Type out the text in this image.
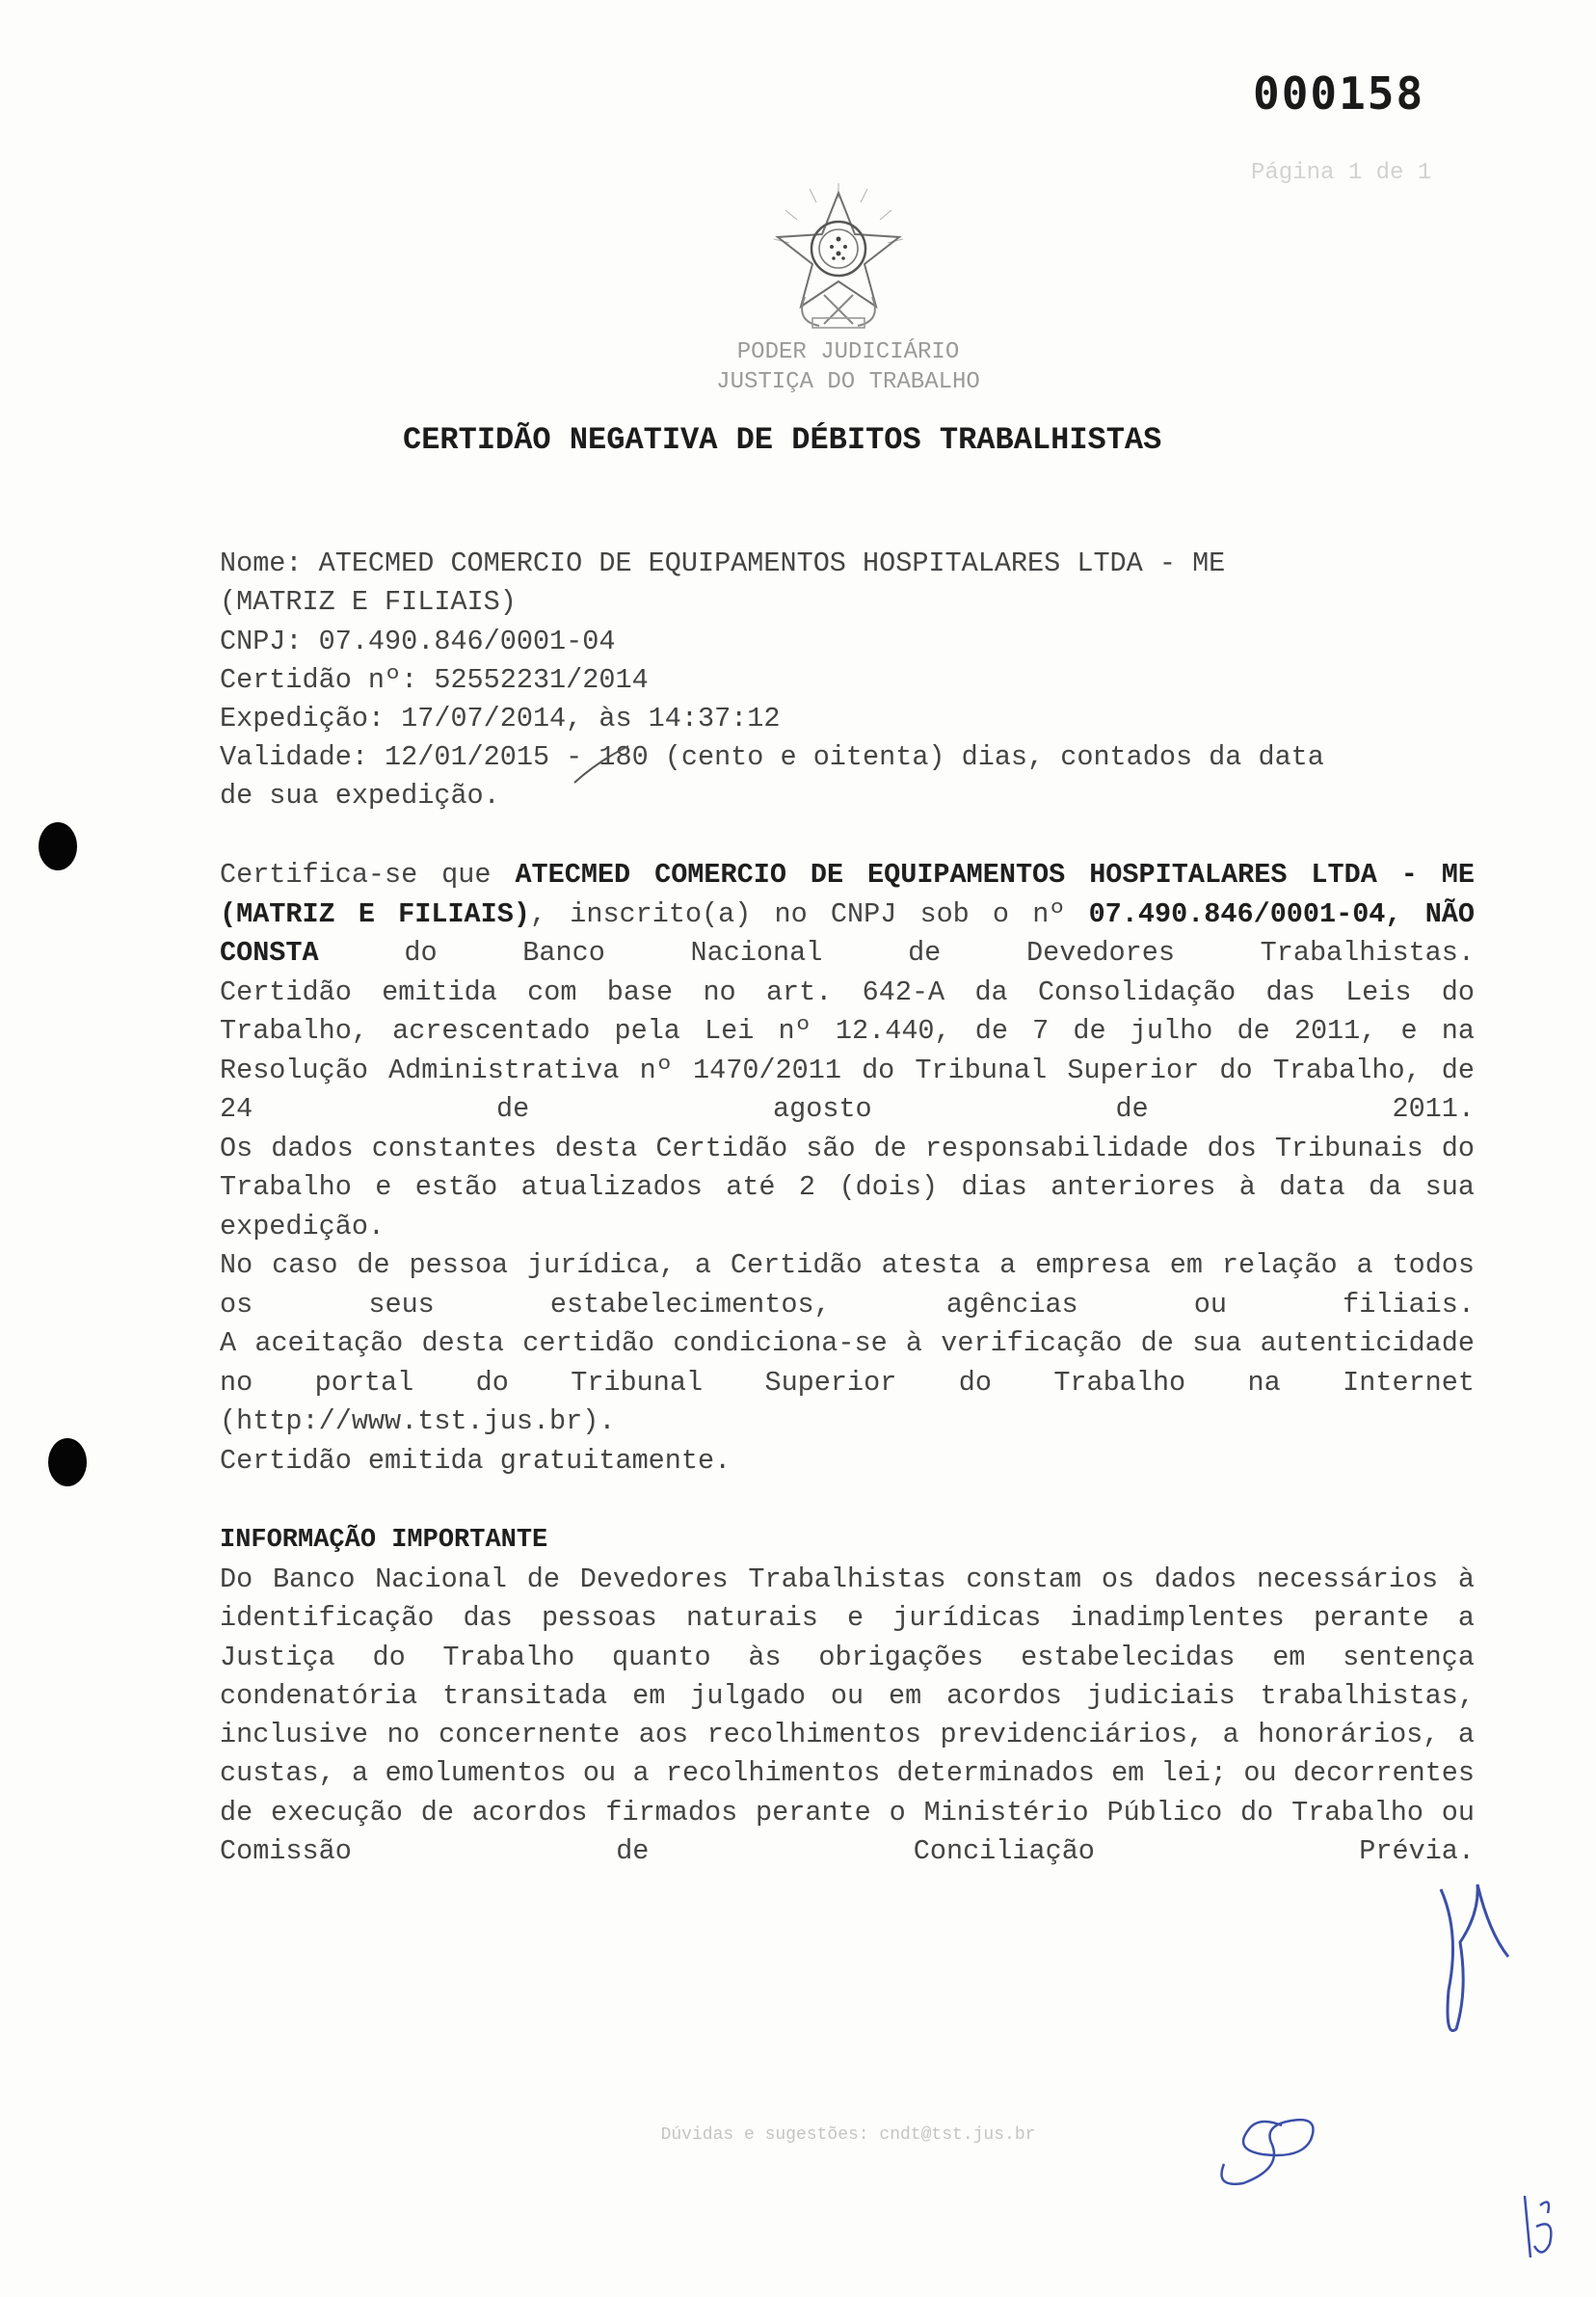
000158
Página 1 de 1
PODER JUDICIÁRIO
JUSTIÇA DO TRABALHO
CERTIDÃO NEGATIVA DE DÉBITOS TRABALHISTAS
Nome: ATECMED COMERCIO DE EQUIPAMENTOS HOSPITALARES LTDA - ME
(MATRIZ E FILIAIS)
CNPJ: 07.490.846/0001-04
Certidão nº: 52552231/2014
Expedição: 17/07/2014, às 14:37:12
Validade: 12/01/2015 - 180 (cento e oitenta) dias, contados da data
de sua expedição.

Certifica-se que ATECMED COMERCIO DE EQUIPAMENTOS HOSPITALARES LTDA - ME (MATRIZ E FILIAIS), inscrito(a) no CNPJ sob o nº 07.490.846/0001-04, NÃO CONSTA do Banco Nacional de Devedores Trabalhistas.

Certidão emitida com base no art. 642-A da Consolidação das Leis do Trabalho, acrescentado pela Lei nº 12.440, de 7 de julho de 2011, e na Resolução Administrativa nº 1470/2011 do Tribunal Superior do Trabalho, de 24 de agosto de 2011.

Os dados constantes desta Certidão são de responsabilidade dos Tribunais do Trabalho e estão atualizados até 2 (dois) dias anteriores à data da sua expedição.

No caso de pessoa jurídica, a Certidão atesta a empresa em relação a todos os seus estabelecimentos, agências ou filiais.

A aceitação desta certidão condiciona-se à verificação de sua autenticidade no portal do Tribunal Superior do Trabalho na Internet (http://www.tst.jus.br).

Certidão emitida gratuitamente.

INFORMAÇÃO IMPORTANTE

Do Banco Nacional de Devedores Trabalhistas constam os dados necessários à identificação das pessoas naturais e jurídicas inadimplentes perante a Justiça do Trabalho quanto às obrigações estabelecidas em sentença condenatória transitada em julgado ou em acordos judiciais trabalhistas, inclusive no concernente aos recolhimentos previdenciários, a honorários, a custas, a emolumentos ou a recolhimentos determinados em lei; ou decorrentes de execução de acordos firmados perante o Ministério Público do Trabalho ou Comissão de Conciliação Prévia.

Dúvidas e sugestões: cndt@tst.jus.br
